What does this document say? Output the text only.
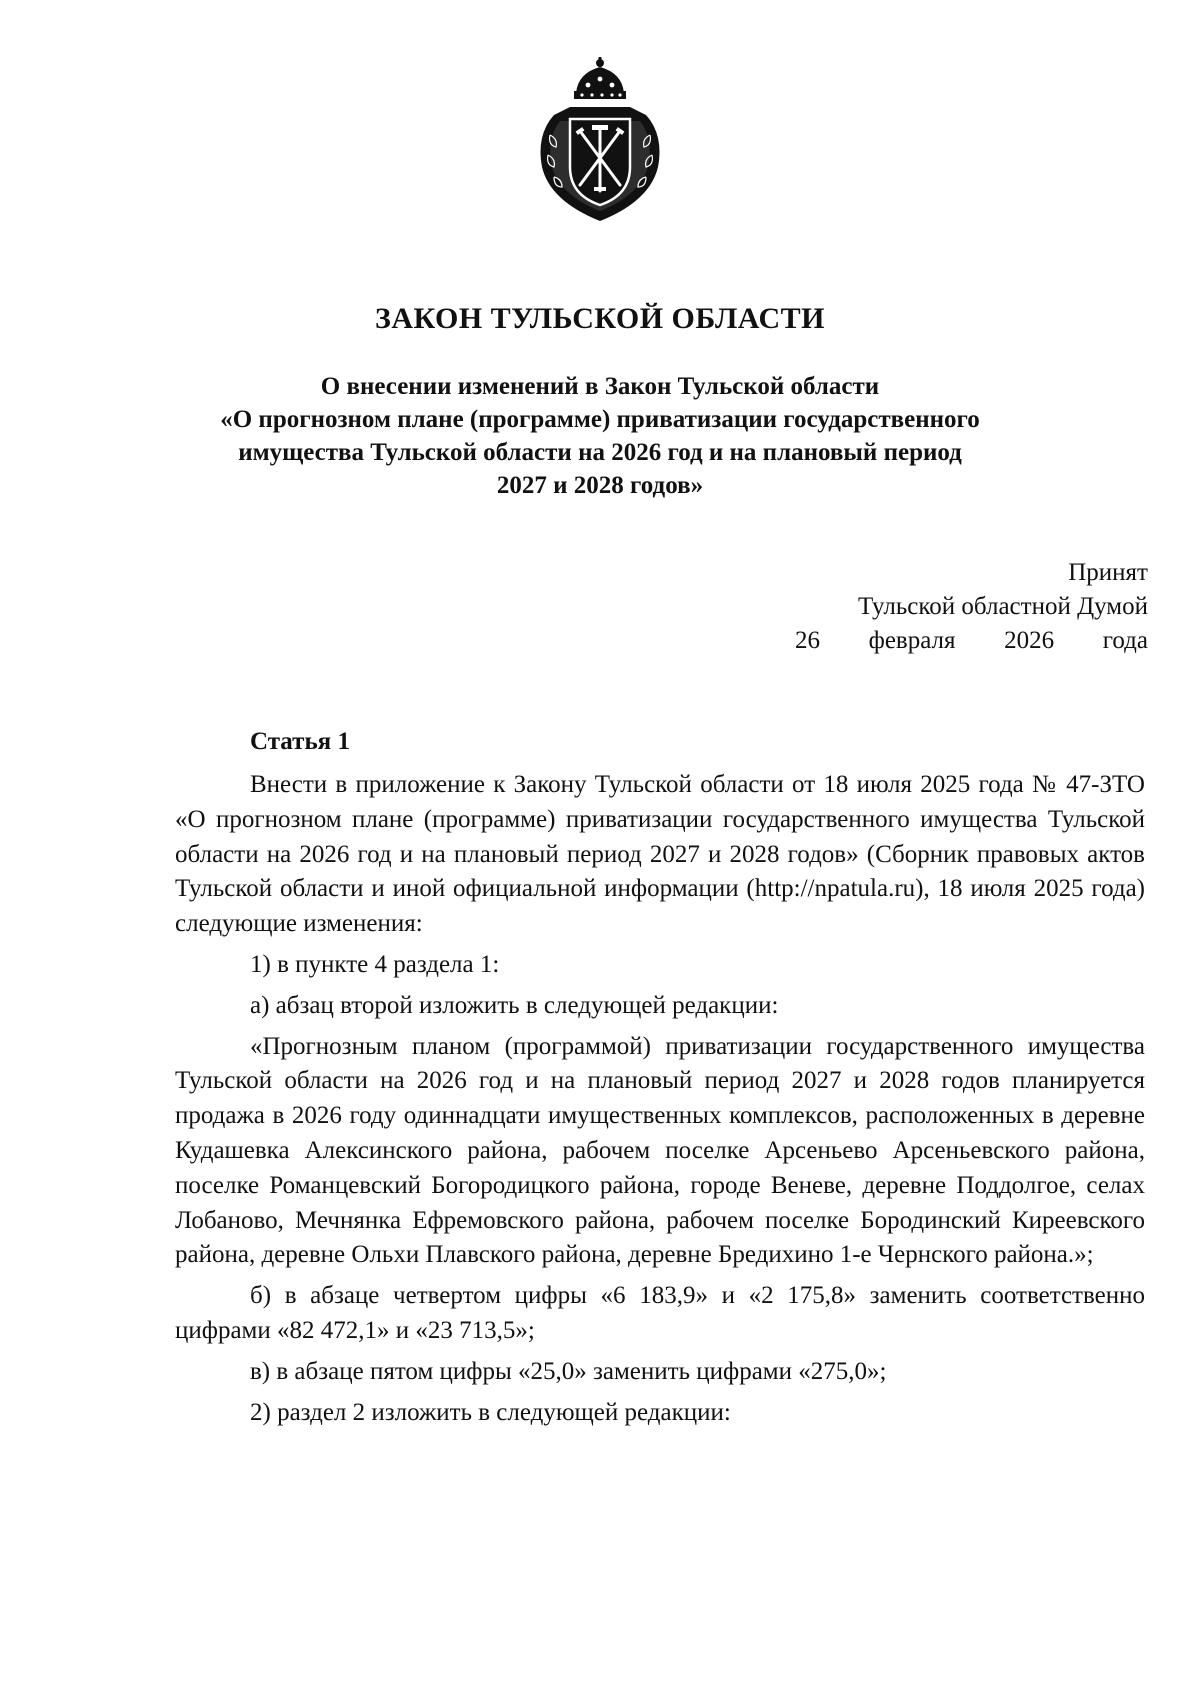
ЗАКОН ТУЛЬСКОЙ ОБЛАСТИ
О внесении изменений в Закон Тульской области
«О прогнозном плане (программе) приватизации государственного
имущества Тульской области на 2026 год и на плановый период
2027 и 2028 годов»
Принят
Тульской областной Думой
26 февраля 2026 года
Статья 1
Внести в приложение к Закону Тульской области от 18 июля 2025 года № 47-ЗТО «О прогнозном плане (программе) приватизации государственного имущества Тульской области на 2026 год и на плановый период 2027 и 2028 годов» (Сборник правовых актов Тульской области и иной официальной информации (http://npatula.ru), 18 июля 2025 года) следующие изменения:
1) в пункте 4 раздела 1:
а) абзац второй изложить в следующей редакции:
«Прогнозным планом (программой) приватизации государственного имущества Тульской области на 2026 год и на плановый период 2027 и 2028 годов планируется продажа в 2026 году одиннадцати имущественных комплексов, расположенных в деревне Кудашевка Алексинского района, рабочем поселке Арсеньево Арсеньевского района, поселке Романцевский Богородицкого района, городе Веневе, деревне Поддолгое, селах Лобаново, Мечнянка Ефремовского района, рабочем поселке Бородинский Киреевского района, деревне Ольхи Плавского района, деревне Бредихино 1-е Чернского района.»;
б) в абзаце четвертом цифры «6 183,9» и «2 175,8» заменить соответственно цифрами «82 472,1» и «23 713,5»;
в) в абзаце пятом цифры «25,0» заменить цифрами «275,0»;
2) раздел 2 изложить в следующей редакции:
